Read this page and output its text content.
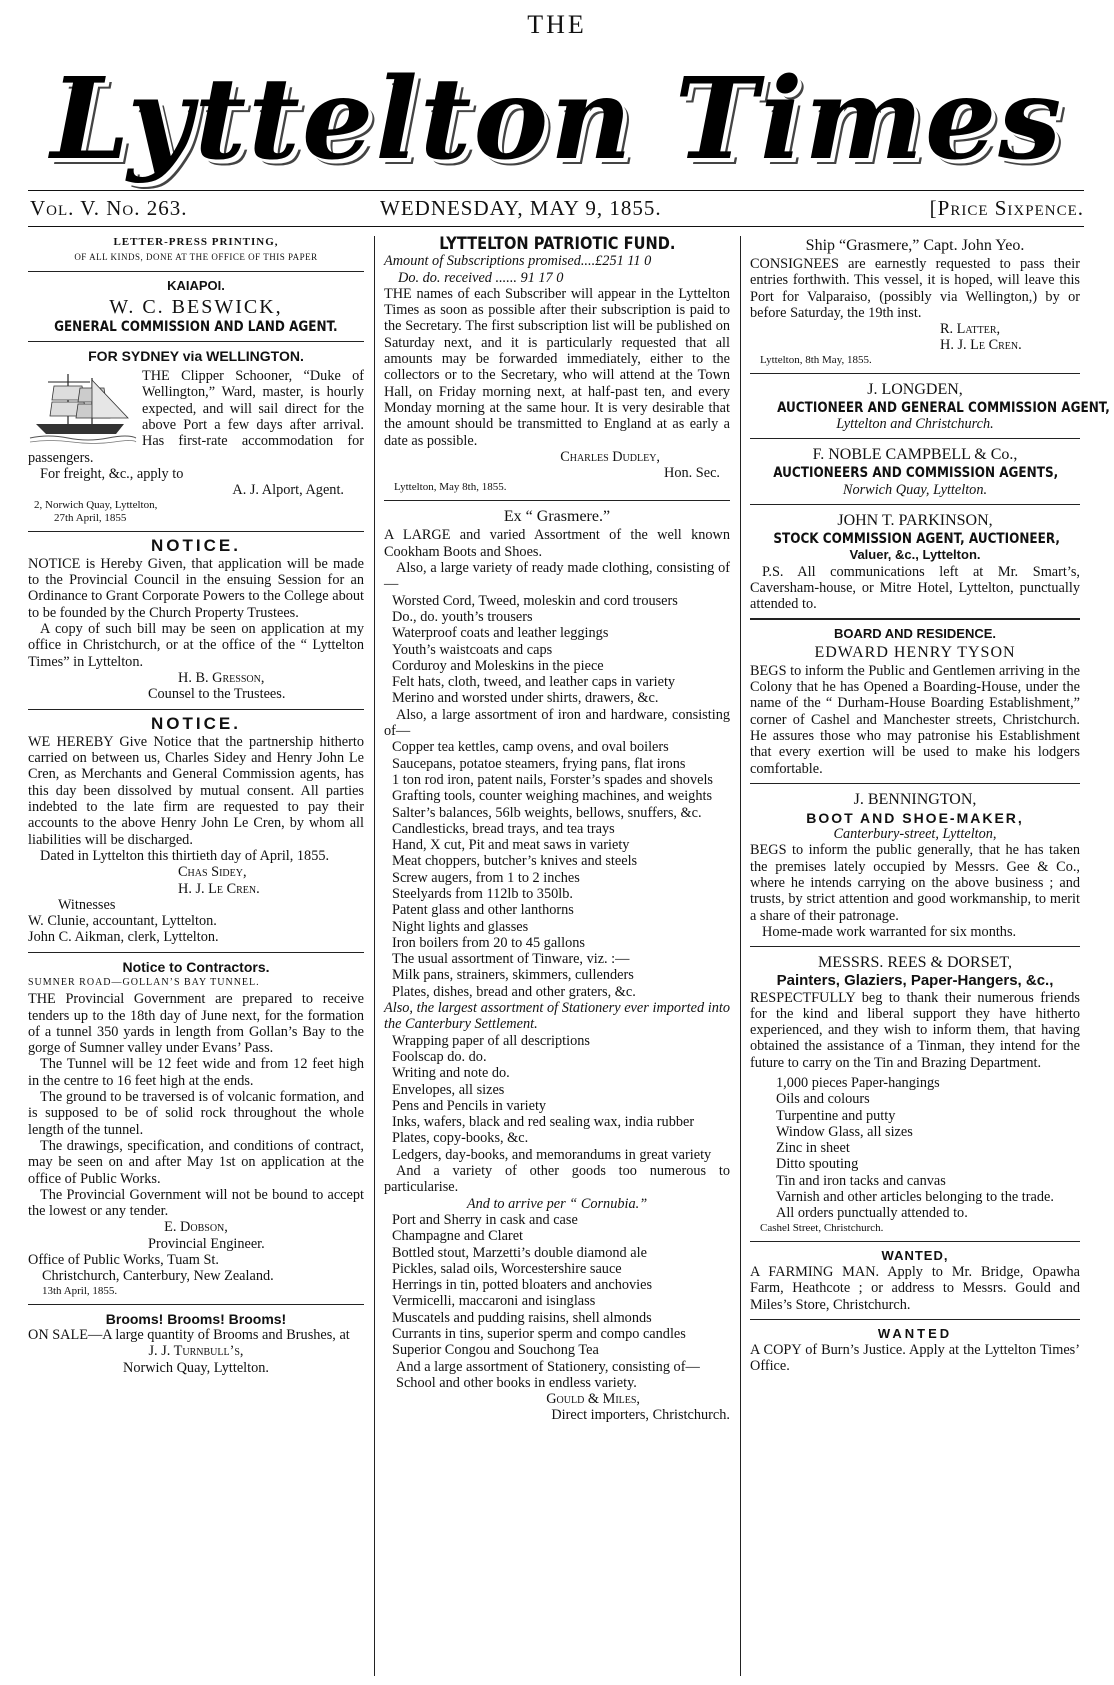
THE
Lyttelton Times
Vol. V. No. 263.	WEDNESDAY, MAY 9, 1855.	[Price Sixpence.

LETTER-PRESS PRINTING,

OF ALL KINDS, DONE AT THE OFFICE OF THIS PAPER

KAIAPOI.

W. C. BESWICK,

GENERAL COMMISSION AND LAND AGENT.

FOR SYDNEY via WELLINGTON.

THE Clipper Schooner, “Duke of Wellington,” Ward, master, is hourly expected, and will sail direct for the above Port a few days after arrival. Has first-rate accommodation for passengers.

For freight, &c., apply to

A. J. Alport, Agent.

2, Norwich Quay, Lyttelton,

27th April, 1855

NOTICE.

NOTICE is Hereby Given, that application will be made to the Provincial Council in the ensuing Session for an Ordinance to Grant Corporate Powers to the College about to be founded by the Church Property Trustees.

A copy of such bill may be seen on application at my office in Christchurch, or at the office of the “ Lyttelton Times” in Lyttelton.

H. B. Gresson,

Counsel to the Trustees.

NOTICE.

WE HEREBY Give Notice that the partnership hitherto carried on between us, Charles Sidey and Henry John Le Cren, as Merchants and General Commission agents, has this day been dissolved by mutual consent. All parties indebted to the late firm are requested to pay their accounts to the above Henry John Le Cren, by whom all liabilities will be discharged.

Dated in Lyttelton this thirtieth day of April, 1855.

Chas Sidey,

H. J. Le Cren.

Witnesses

W. Clunie, accountant, Lyttelton.

John C. Aikman, clerk, Lyttelton.

Notice to Contractors.

SUMNER ROAD—GOLLAN’S BAY TUNNEL.

THE Provincial Government are prepared to receive tenders up to the 18th day of June next, for the formation of a tunnel 350 yards in length from Gollan’s Bay to the gorge of Sumner valley under Evans’ Pass.

The Tunnel will be 12 feet wide and from 12 feet high in the centre to 16 feet high at the ends.

The ground to be traversed is of volcanic formation, and is supposed to be of solid rock throughout the whole length of the tunnel.

The drawings, specification, and conditions of contract, may be seen on and after May 1st on application at the office of Public Works.

The Provincial Government will not be bound to accept the lowest or any tender.

E. Dobson,

Provincial Engineer.

Office of Public Works, Tuam St.

Christchurch, Canterbury, New Zealand.

13th April, 1855.

Brooms! Brooms! Brooms!

ON SALE—A large quantity of Brooms and Brushes, at

J. J. Turnbull’s,

Norwich Quay, Lyttelton.

LYTTELTON PATRIOTIC FUND.

Amount of Subscriptions promised....£251 11 0

Do. do. received ...... 91 17 0

THE names of each Subscriber will appear in the Lyttelton Times as soon as possible after their subscription is paid to the Secretary. The first subscription list will be published on Saturday next, and it is particularly requested that all amounts may be forwarded immediately, either to the collectors or to the Secretary, who will attend at the Town Hall, on Friday morning next, at half-past ten, and every Monday morning at the same hour. It is very desirable that the amount should be transmitted to England at as early a date as possible.

Charles Dudley,

Hon. Sec.

Lyttelton, May 8th, 1855.

Ex “ Grasmere.”

A LARGE and varied Assortment of the well known Cookham Boots and Shoes.

Also, a large variety of ready made clothing, consisting of—

Worsted Cord, Tweed, moleskin and cord trousers

Do., do. youth’s trousers

Waterproof coats and leather leggings

Youth’s waistcoats and caps

Corduroy and Moleskins in the piece

Felt hats, cloth, tweed, and leather caps in variety

Merino and worsted under shirts, drawers, &c.

Also, a large assortment of iron and hardware, consisting of—

Copper tea kettles, camp ovens, and oval boilers

Saucepans, potatoe steamers, frying pans, flat irons

1 ton rod iron, patent nails, Forster’s spades and shovels

Grafting tools, counter weighing machines, and weights

Salter’s balances, 56lb weights, bellows, snuffers, &c.

Candlesticks, bread trays, and tea trays

Hand, X cut, Pit and meat saws in variety

Meat choppers, butcher’s knives and steels

Screw augers, from 1 to 2 inches

Steelyards from 112lb to 350lb.

Patent glass and other lanthorns

Night lights and glasses

Iron boilers from 20 to 45 gallons

The usual assortment of Tinware, viz. :—

Milk pans, strainers, skimmers, cullenders

Plates, dishes, bread and other graters, &c.

Also, the largest assortment of Stationery ever imported into the Canterbury Settlement.

Wrapping paper of all descriptions

Foolscap do. do.

Writing and note do.

Envelopes, all sizes

Pens and Pencils in variety

Inks, wafers, black and red sealing wax, india rubber

Plates, copy-books, &c.

Ledgers, day-books, and memorandums in great variety

And a variety of other goods too numerous to particularise.

And to arrive per “ Cornubia.”

Port and Sherry in cask and case

Champagne and Claret

Bottled stout, Marzetti’s double diamond ale

Pickles, salad oils, Worcestershire sauce

Herrings in tin, potted bloaters and anchovies

Vermicelli, maccaroni and isinglass

Muscatels and pudding raisins, shell almonds

Currants in tins, superior sperm and compo candles

Superior Congou and Souchong Tea

And a large assortment of Stationery, consisting of—

School and other books in endless variety.

Gould & Miles,

Direct importers, Christchurch.

Ship “Grasmere,” Capt. John Yeo.

CONSIGNEES are earnestly requested to pass their entries forthwith. This vessel, it is hoped, will leave this Port for Valparaiso, (possibly via Wellington,) by or before Saturday, the 19th inst.

R. Latter,

H. J. Le Cren.

Lyttelton, 8th May, 1855.

J. LONGDEN,

AUCTIONEER AND GENERAL COMMISSION AGENT,

Lyttelton and Christchurch.

F. NOBLE CAMPBELL & Co.,

AUCTIONEERS AND COMMISSION AGENTS,

Norwich Quay, Lyttelton.

JOHN T. PARKINSON,

STOCK COMMISSION AGENT, AUCTIONEER,

Valuer, &c., Lyttelton.

P.S. All communications left at Mr. Smart’s, Caversham-house, or Mitre Hotel, Lyttelton, punctually attended to.

BOARD AND RESIDENCE.

EDWARD HENRY TYSON

BEGS to inform the Public and Gentlemen arriving in the Colony that he has Opened a Boarding-House, under the name of the “ Durham-House Boarding Establishment,” corner of Cashel and Manchester streets, Christchurch. He assures those who may patronise his Establishment that every exertion will be used to make his lodgers comfortable.

J. BENNINGTON,

BOOT AND SHOE-MAKER,

Canterbury-street, Lyttelton,

BEGS to inform the public generally, that he has taken the premises lately occupied by Messrs. Gee & Co., where he intends carrying on the above business ; and trusts, by strict attention and good workmanship, to merit a share of their patronage.

Home-made work warranted for six months.

MESSRS. REES & DORSET,

Painters, Glaziers, Paper-Hangers, &c.,

RESPECTFULLY beg to thank their numerous friends for the kind and liberal support they have hitherto experienced, and they wish to inform them, that having obtained the assistance of a Tinman, they intend for the future to carry on the Tin and Brazing Department.

1,000 pieces Paper-hangings

Oils and colours

Turpentine and putty

Window Glass, all sizes

Zinc in sheet

Ditto spouting

Tin and iron tacks and canvas

Varnish and other articles belonging to the trade.

All orders punctually attended to.

Cashel Street, Christchurch.

WANTED,

A FARMING MAN. Apply to Mr. Bridge, Opawha Farm, Heathcote ; or address to Messrs. Gould and Miles’s Store, Christchurch.

WANTED

A COPY of Burn’s Justice. Apply at the Lyttelton Times’ Office.
